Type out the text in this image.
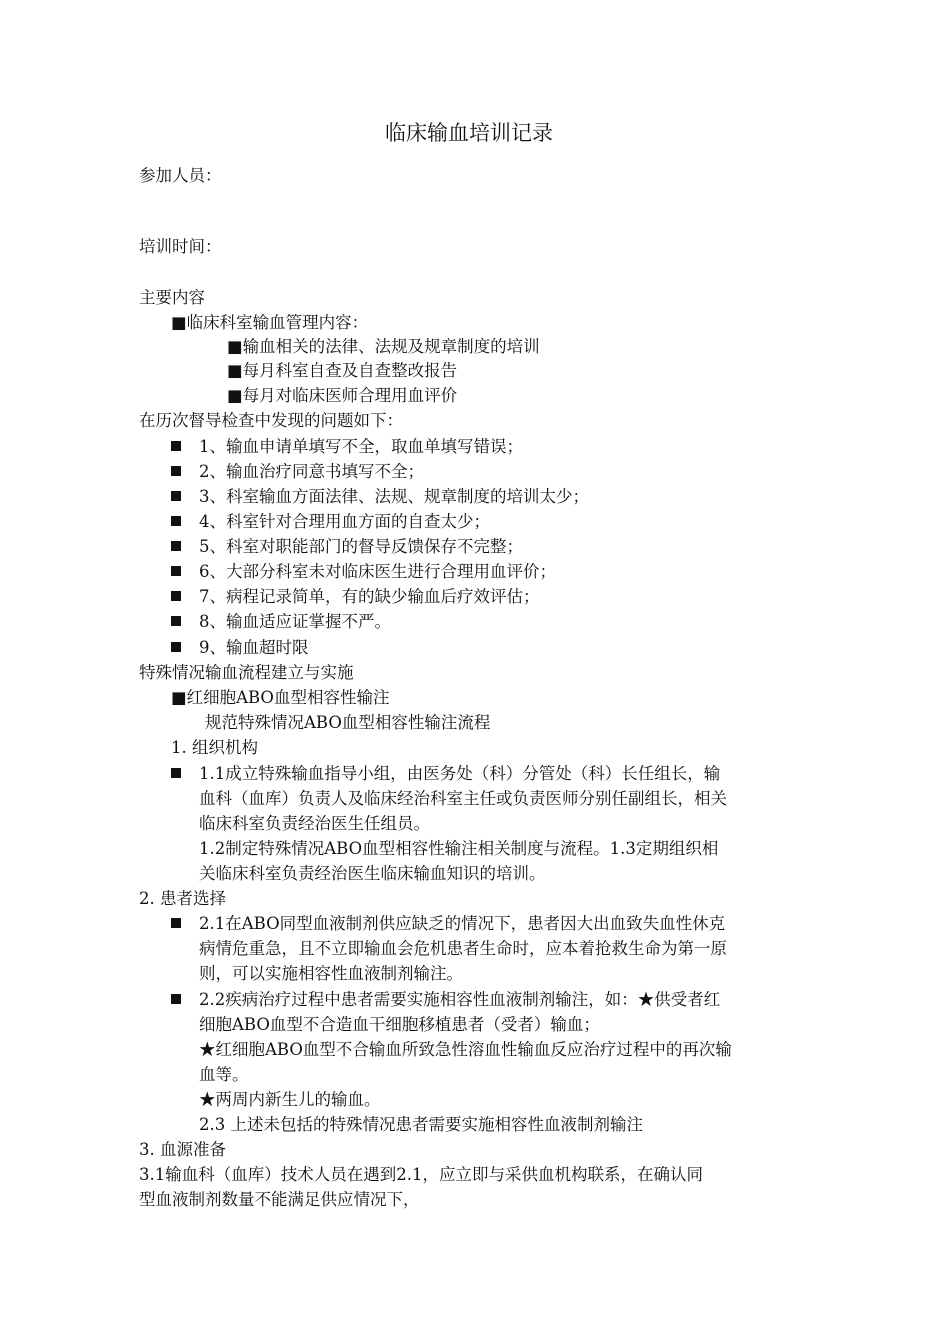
临床输血培训记录
参加人员：
培训时间：
主要内容
■临床科室输血管理内容：
■输血相关的法律、法规及规章制度的培训
■每月科室自查及自查整改报告
■每月对临床医师合理用血评价
在历次督导检查中发现的问题如下：
1、输血申请单填写不全，取血单填写错误；
2、输血治疗同意书填写不全；
3、科室输血方面法律、法规、规章制度的培训太少；
4、科室针对合理用血方面的自查太少；
5、科室对职能部门的督导反馈保存不完整；
6、大部分科室未对临床医生进行合理用血评价；
7、病程记录简单，有的缺少输血后疗效评估；
8、输血适应证掌握不严。
9、输血超时限
特殊情况输血流程建立与实施
■红细胞ABO血型相容性输注
规范特殊情况ABO血型相容性输注流程
1. 组织机构
1.1成立特殊输血指导小组，由医务处（科）分管处（科）长任组长，输
血科（血库）负责人及临床经治科室主任或负责医师分别任副组长，相关
临床科室负责经治医生任组员。
1.2制定特殊情况ABO血型相容性输注相关制度与流程。1.3定期组织相
关临床科室负责经治医生临床输血知识的培训。
2. 患者选择
2.1在ABO同型血液制剂供应缺乏的情况下，患者因大出血致失血性休克
病情危重急，且不立即输血会危机患者生命时，应本着抢救生命为第一原
则，可以实施相容性血液制剂输注。
2.2疾病治疗过程中患者需要实施相容性血液制剂输注，如：★供受者红
细胞ABO血型不合造血干细胞移植患者（受者）输血；
★红细胞ABO血型不合输血所致急性溶血性输血反应治疗过程中的再次输
血等。
★两周内新生儿的输血。
2.3 上述未包括的特殊情况患者需要实施相容性血液制剂输注
3. 血源准备
3.1输血科（血库）技术人员在遇到2.1，应立即与采供血机构联系，在确认同
型血液制剂数量不能满足供应情况下，
